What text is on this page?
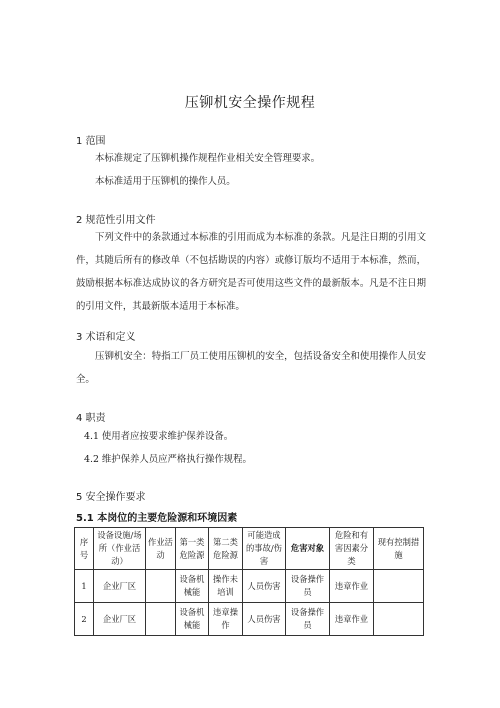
压铆机安全操作规程
1 范围
本标准规定了压铆机操作规程作业相关安全管理要求。
本标准适用于压铆机的操作人员。
2 规范性引用文件
下列文件中的条款通过本标准的引用而成为本标准的条款。凡是注日期的引用文件，其随后所有的修改单（不包括勘误的内容）或修订版均不适用于本标准，然而，鼓励根据本标准达成协议的各方研究是否可使用这些文件的最新版本。凡是不注日期的引用文件，其最新版本适用于本标准。
3 术语和定义
压铆机安全：特指工厂员工使用压铆机的安全，包括设备安全和使用操作人员安全。
4 职责
4.1 使用者应按要求维护保养设备。
4.2 维护保养人员应严格执行操作规程。
5 安全操作要求
5.1 本岗位的主要危险源和环境因素
序号	设备设施/场所（作业活动）	作业活动	第一类危险源	第二类危险源	可能造成的事故/伤害	危害对象	危险和有害因素分类	现有控制措施
1	企业厂区		设备机械能	操作未培训	人员伤害	设备操作员	违章作业	
2	企业厂区		设备机械能	违章操作	人员伤害	设备操作员	违章作业	
